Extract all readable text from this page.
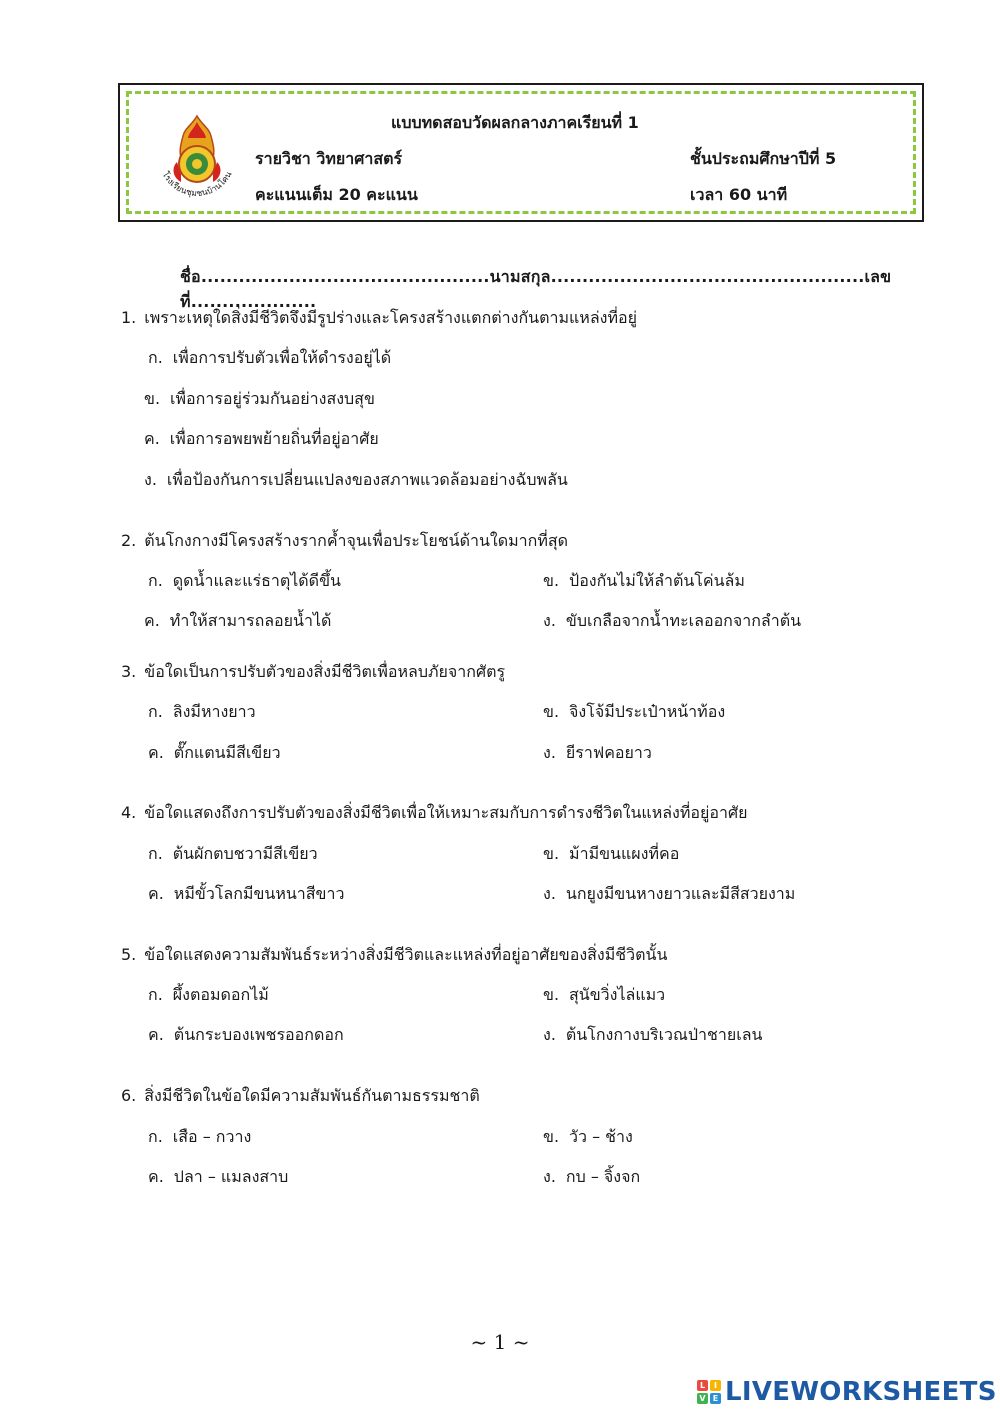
โรงเรียนชุมชนบ้านโคน
แบบทดสอบวัดผลกลางภาคเรียนที่ 1
รายวิชา วิทยาศาสตร์	ชั้นประถมศึกษาปีที่ 5
คะแนนเต็ม 20 คะแนน	เวลา 60 นาที
ชื่อ..............................................นามสกุล..................................................เลขที่....................
1. เพราะเหตุใดสิ่งมีชีวิตจึงมีรูปร่างและโครงสร้างแตกต่างกันตามแหล่งที่อยู่
ก. เพื่อการปรับตัวเพื่อให้ดำรงอยู่ได้
ข. เพื่อการอยู่ร่วมกันอย่างสงบสุข
ค. เพื่อการอพยพย้ายถิ่นที่อยู่อาศัย
ง. เพื่อป้องกันการเปลี่ยนแปลงของสภาพแวดล้อมอย่างฉับพลัน
2. ต้นโกงกางมีโครงสร้างรากค้ำจุนเพื่อประโยชน์ด้านใดมากที่สุด
ก. ดูดน้ำและแร่ธาตุได้ดีขึ้น	ข. ป้องกันไม่ให้ลำต้นโค่นล้ม
ค. ทำให้สามารถลอยน้ำได้	ง. ขับเกลือจากน้ำทะเลออกจากลำต้น
3. ข้อใดเป็นการปรับตัวของสิ่งมีชีวิตเพื่อหลบภัยจากศัตรู
ก. ลิงมีหางยาว	ข. จิงโจ้มีประเป๋าหน้าท้อง
ค. ตั๊กแตนมีสีเขียว	ง. ยีราฟคอยาว
4. ข้อใดแสดงถึงการปรับตัวของสิ่งมีชีวิตเพื่อให้เหมาะสมกับการดำรงชีวิตในแหล่งที่อยู่อาศัย
ก. ต้นผักตบชวามีสีเขียว	ข. ม้ามีขนแผงที่คอ
ค. หมีขั้วโลกมีขนหนาสีขาว	ง. นกยูงมีขนหางยาวและมีสีสวยงาม
5. ข้อใดแสดงความสัมพันธ์ระหว่างสิ่งมีชีวิตและแหล่งที่อยู่อาศัยของสิ่งมีชีวิตนั้น
ก. ผึ้งตอมดอกไม้	ข. สุนัขวิ่งไล่แมว
ค. ต้นกระบองเพชรออกดอก	ง. ต้นโกงกางบริเวณป่าชายเลน
6. สิ่งมีชีวิตในข้อใดมีความสัมพันธ์กันตามธรรมชาติ
ก. เสือ – กวาง	ข. วัว – ช้าง
ค. ปลา – แมลงสาบ	ง. กบ – จิ้งจก
~ 1 ~
L	I
V E LIVEWORKSHEETS
